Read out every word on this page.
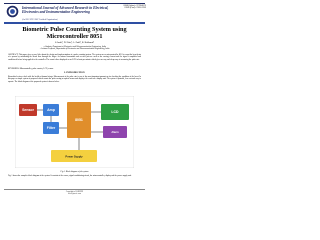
International Journal of Advanced Research in Electrical,
Electronics and Instrumentation Engineering
ISSN(Online): 2278-8875
ISSN (Print): 2320-3765
(An ISO 3297: 2007 Certified Organization)
Biometric Pulse Counting System using
Microcontroller 8051
S.Joshi¹, D. Nair², A. Patil³, R. Kulkarni⁴
¹²³ Students, Department of Electronics and Telecommunication Engineering, India
⁴ Assistant Professor, Department of Electronics and Telecommunication Engineering, India
ABSTRACT: This paper gives a novel idea about the design and implementation of a pulse counting system. The system uses a microcontroller 8051 to count the heart beats of a person by monitoring the blood flow through the finger. An infrared transmitter and receiver pair are used as the sensing element and the signal is amplified and conditioned before being applied to the controller. The count is then displayed on an LCD in beats per minute which gives an easy and cheap way of measuring the pulse rate.
KEYWORDS: Microcontroller, pulse counter, LCD, sensor.
I. INTRODUCTION
Biomedical science deals with the health of human beings. Measurement of the pulse rate is one of the most important parameters for checking the condition of the heart. In this paper a simple system is proposed which counts the pulses using an optical sensor and displays the result on a display unit. The system is portable, low cost and easy to operate. The block diagram of the proposed system is shown below.
Sensor	Amp
Filter
8051
LCD
Alarm
Power Supply
Fig. 1 Block diagram of the system
Fig. 1 shows the complete block diagram of the system. It consists of the sensor, signal conditioning circuit, the microcontroller, display and the power supply unit.
Copyright to IJAREEIE
www.ijareeie.com
